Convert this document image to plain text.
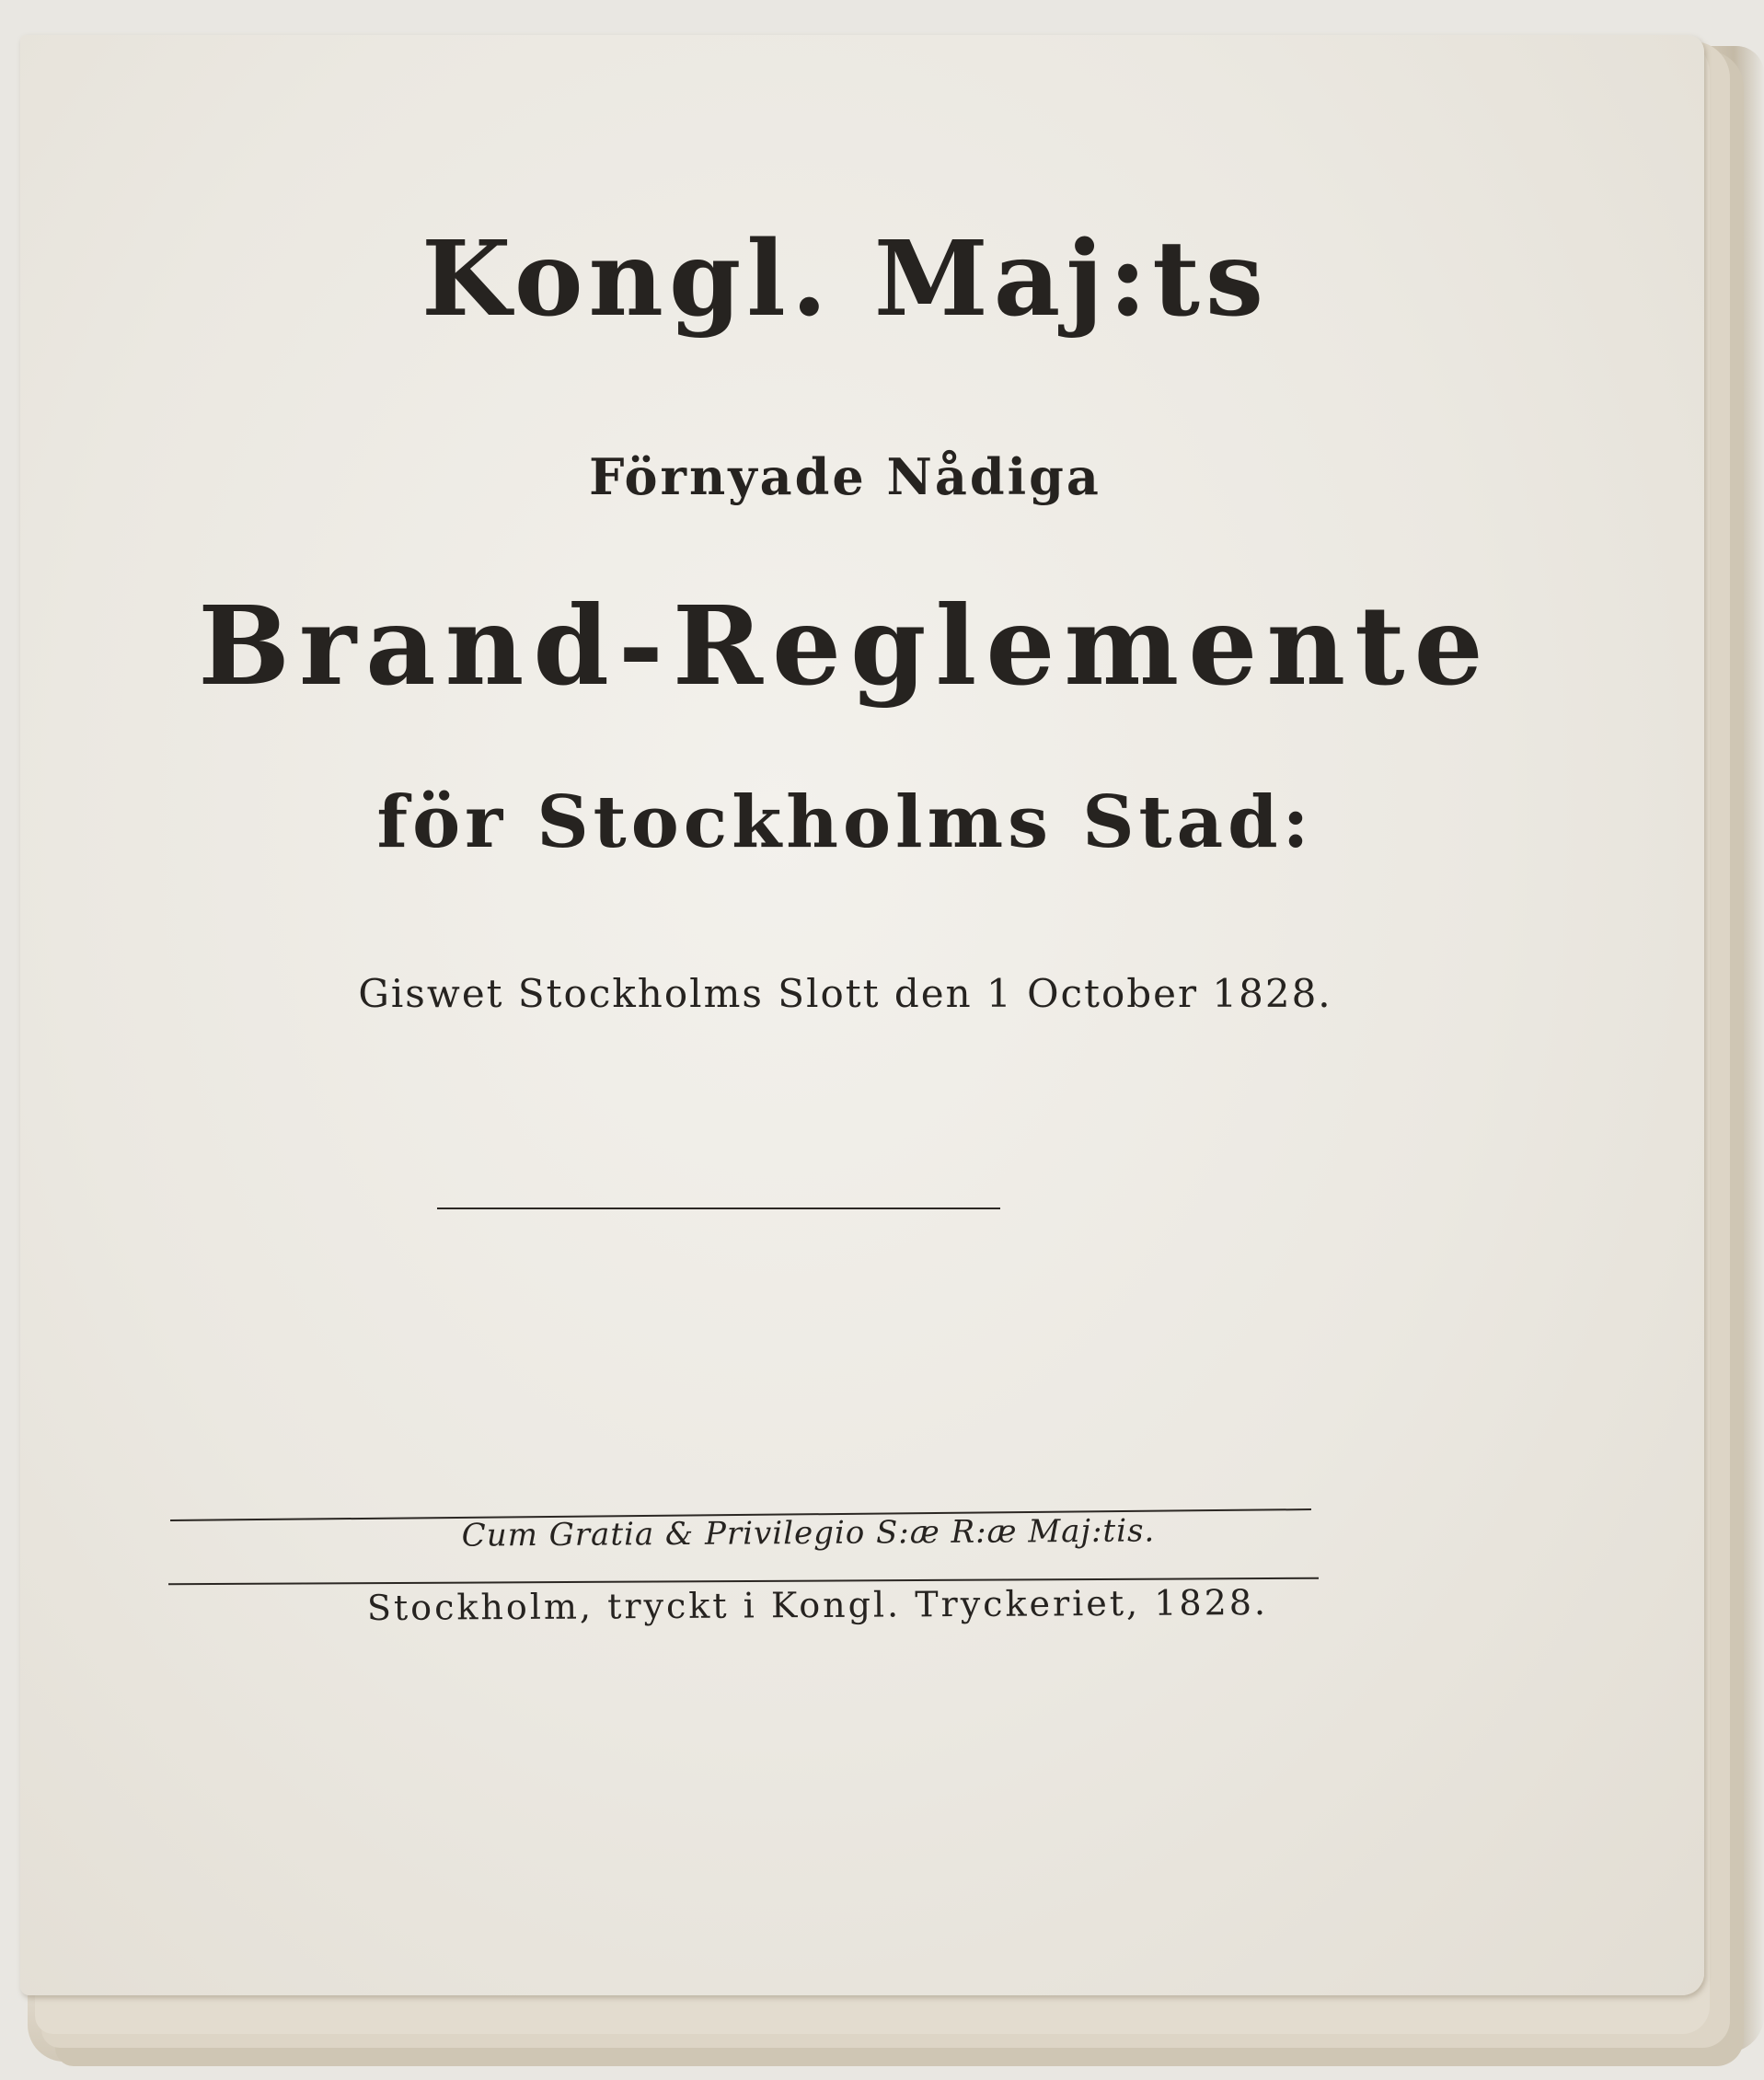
Kongl. Maj:ts
Förnyade Nådiga
Brand-Reglemente
för Stockholms Stad:
Giswet Stockholms Slott den 1 October 1828.
Cum Gratia & Privilegio S:æ R:æ Maj:tis.
Stockholm, tryckt i Kongl. Tryckeriet, 1828.
